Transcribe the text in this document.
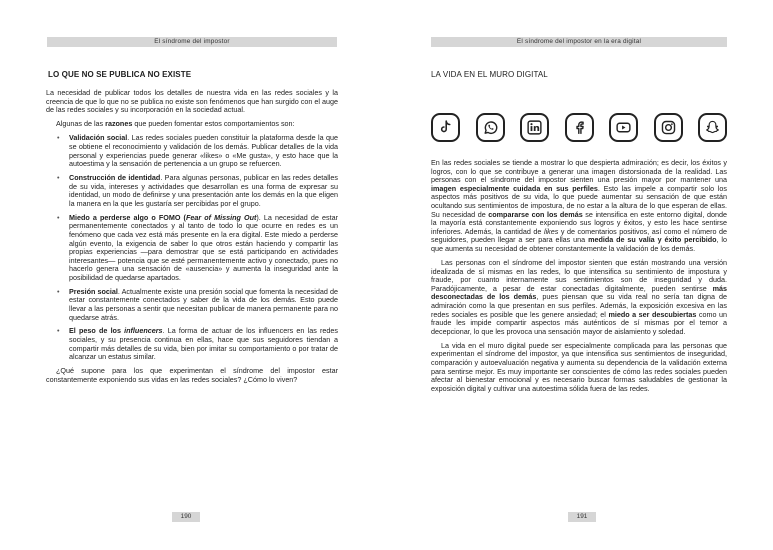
El síndrome del impostor
LO QUE NO SE PUBLICA NO EXISTE

La necesidad de publicar todos los detalles de nuestra vida en las redes sociales y la creencia de que lo que no se publica no existe son fenómenos que han surgido con el auge de las redes sociales y su incorporación en la sociedad actual.

Algunas de las razones que pueden fomentar estos comportamientos son:

• Validación social. Las redes sociales pueden constituir la plataforma desde la que se obtiene el reconocimiento y validación de los demás. Publicar detalles de la vida personal y experiencias puede generar «likes» o «Me gusta», y esto hace que la autoestima y la sensación de pertenencia a un grupo se refuercen.
• Construcción de identidad. Para algunas personas, publicar en las redes detalles de su vida, intereses y actividades que desarrollan es una forma de expresar su identidad, un modo de definirse y una presentación ante los demás en la que eligen la manera en la que les gustaría ser percibidas por el grupo.
• Miedo a perderse algo o FOMO (Fear of Missing Out). La necesidad de estar permanentemente conectados y al tanto de todo lo que ocurre en redes es un fenómeno que cada vez está más presente en la era digital. Este miedo a perderse algún evento, la exigencia de saber lo que otros están haciendo y compartir las propias experiencias —para demostrar que se está participando en actividades interesantes— potencia que se esté permanentemente activo y conectado, pues no hacerlo genera una sensación de «ausencia» y aumenta la inseguridad ante la posibilidad de quedarse apartados.
• Presión social. Actualmente existe una presión social que fomenta la necesidad de estar constantemente conectados y saber de la vida de los demás. Esto puede llevar a las personas a sentir que necesitan publicar de manera permanente para no quedarse atrás.
• El peso de los influencers. La forma de actuar de los influencers en las redes sociales, y su presencia continua en ellas, hace que sus seguidores tiendan a compartir más detalles de su vida, bien por imitar su comportamiento o por tratar de alcanzar un estatus similar.

¿Qué supone para los que experimentan el síndrome del impostor estar constantemente exponiendo sus vidas en las redes sociales? ¿Cómo lo viven?

190
El síndrome del impostor en la era digital
LA VIDA EN EL MURO DIGITAL

En las redes sociales se tiende a mostrar lo que despierta admiración; es decir, los éxitos y logros, con lo que se contribuye a generar una imagen distorsionada de la realidad. Las personas con el síndrome del impostor sienten una presión mayor por mantener una imagen especialmente cuidada en sus perfiles. Esto las impele a compartir solo los aspectos más positivos de su vida, lo que puede aumentar su sensación de que están ocultando sus sentimientos de impostura, de no estar a la altura de lo que esperan de ellas. Su necesidad de compararse con los demás se intensifica en este entorno digital, donde la mayoría está constantemente exponiendo sus logros y éxitos, y esto les hace sentirse inferiores. Además, la cantidad de likes y de comentarios positivos, así como el número de seguidores, pueden llegar a ser para ellas una medida de su valía y éxito percibido, lo que aumenta su necesidad de obtener constantemente la validación de los demás.

Las personas con el síndrome del impostor sienten que están mostrando una versión idealizada de sí mismas en las redes, lo que intensifica su sentimiento de impostura y fraude, por cuanto internamente sus sentimientos son de inseguridad y duda. Paradójicamente, a pesar de estar conectadas digitalmente, pueden sentirse más desconectadas de los demás, pues piensan que su vida real no sería tan digna de admiración como la que presentan en sus perfiles. Además, la exposición excesiva en las redes sociales es posible que les genere ansiedad; el miedo a ser descubiertas como un fraude les impide compartir aspectos más auténticos de sí mismas por el temor a decepcionar, lo que les provoca una sensación mayor de aislamiento y soledad.

La vida en el muro digital puede ser especialmente complicada para las personas que experimentan el síndrome del impostor, ya que intensifica sus sentimientos de inseguridad, comparación y autoevaluación negativa y aumenta su dependencia de la validación externa para sentirse mejor. Es muy importante ser conscientes de cómo las redes sociales pueden afectar al bienestar emocional y es necesario buscar formas saludables de gestionar la exposición digital y cultivar una autoestima sólida fuera de las redes.

191
